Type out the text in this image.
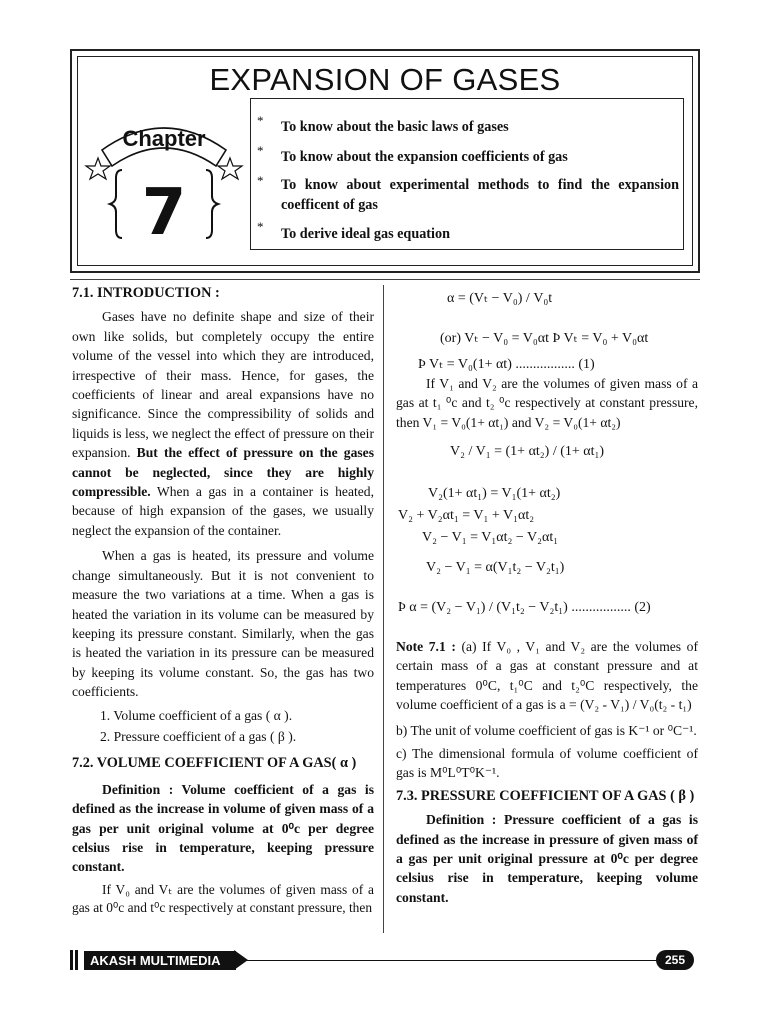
EXPANSION OF GASES
Chapter
7
* To know about the basic laws of gases
* To know about the expansion coefficients of gas
* To know about experimental methods to find the expansion coefficent of gas
* To derive ideal gas equation

7.1. INTRODUCTION :

Gases have no definite shape and size of their own like solids, but completely occupy the entire volume of the vessel into which they are introduced, irrespective of their mass. Hence, for gases, the coefficients of linear and areal expansions have no significance. Since the compressibility of solids and liquids is less, we neglect the effect of pressure on their expansion. But the effect of pressure on the gases cannot be neglected, since they are highly compressible. When a gas in a container is heated, because of high expansion of the gases, we usually neglect the expansion of the container.

When a gas is heated, its pressure and volume change simultaneously. But it is not convenient to measure the two variations at a time. When a gas is heated the variation in its volume can be measured by keeping its pressure constant. Similarly, when the gas is heated the variation in its pressure can be measured by keeping its volume constant. So, the gas has two coefficients.

1. Volume coefficient of a gas ( α ).

2. Pressure coefficient of a gas ( β ).

7.2. VOLUME COEFFICIENT OF A GAS( α )

Definition : Volume coefficient of a gas is defined as the increase in volume of given mass of a gas per unit original volume at 0⁰c per degree celsius rise in temperature, keeping pressure constant.

If V₀ and Vₜ are the volumes of given mass of a gas at 0⁰c and t⁰c respectively at constant pressure, then

α = (Vₜ − V₀) / V₀t
(or) Vₜ − V₀ = V₀αt Þ Vₜ = V₀ + V₀αt
Þ Vₜ = V₀(1+ αt) ................. (1)

If V₁ and V₂ are the volumes of given mass of a gas at t₁ ⁰c and t₂ ⁰c respectively at constant pressure, then V₁ = V₀(1+ αt₁) and V₂ = V₀(1+ αt₂)

V₂ / V₁ = (1+ αt₂) / (1+ αt₁)
V₂(1+ αt₁) = V₁(1+ αt₂)
V₂ + V₂αt₁ = V₁ + V₁αt₂
V₂ − V₁ = V₁αt₂ − V₂αt₁
V₂ − V₁ = α(V₁t₂ − V₂t₁)
Þ α = (V₂ − V₁) / (V₁t₂ − V₂t₁) ................. (2)

Note 7.1 : (a) If V₀ , V₁ and V₂ are the volumes of certain mass of a gas at constant pressure and at temperatures 0⁰C, t₁⁰C and t₂⁰C respectively, the volume coefficient of a gas is a = (V₂ - V₁) / V₀(t₂ - t₁)

b) The unit of volume coefficient of gas is K⁻¹ or ⁰C⁻¹.

c) The dimensional formula of volume coefficient of gas is M⁰L⁰T⁰K⁻¹.

7.3. PRESSURE COEFFICIENT OF A GAS ( β )

Definition : Pressure coefficient of a gas is defined as the increase in pressure of given mass of a gas per unit original pressure at 0⁰c per degree celsius rise in temperature, keeping volume constant.

AKASH MULTIMEDIA	255
